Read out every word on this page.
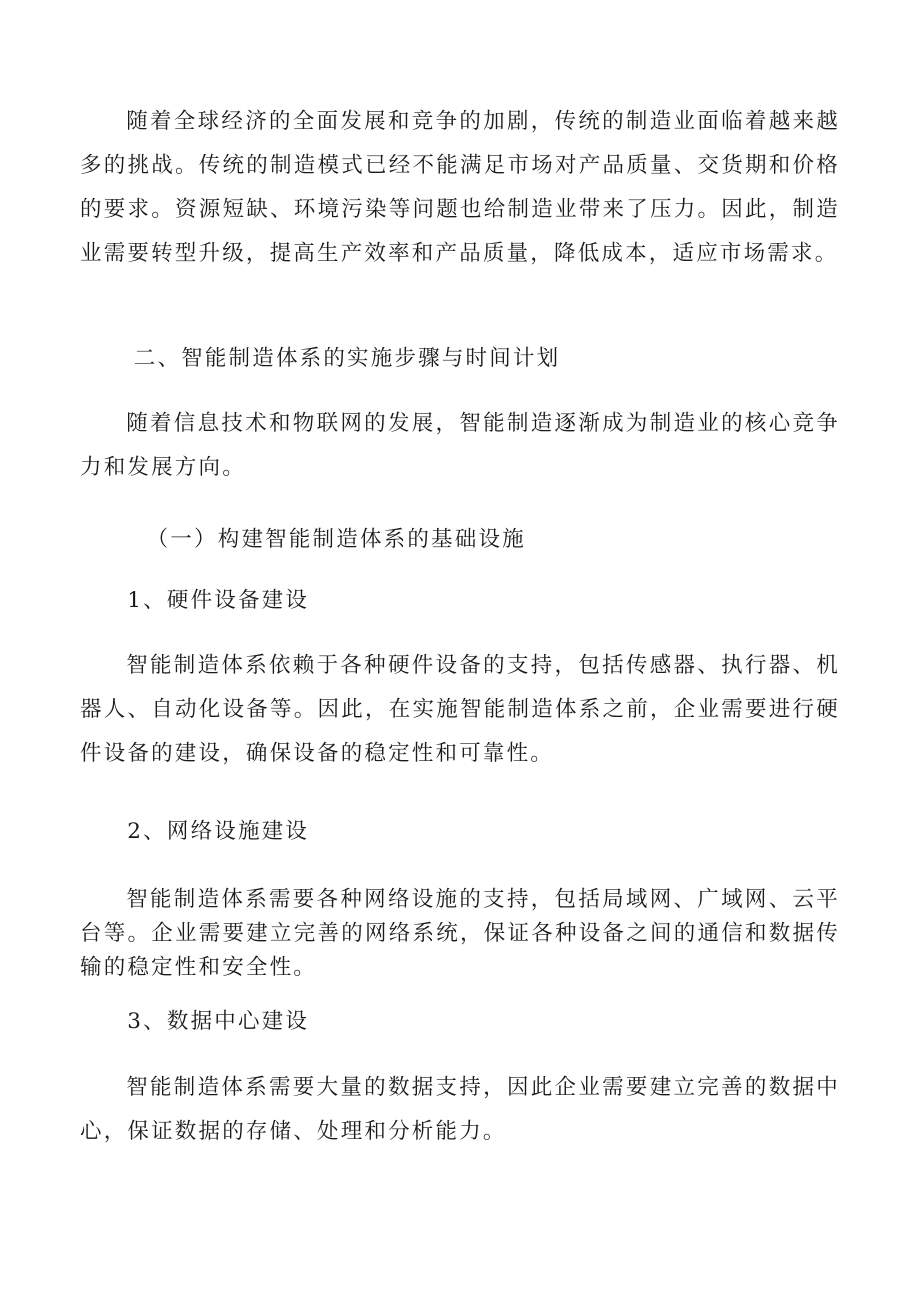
随着全球经济的全面发展和竞争的加剧，传统的制造业面临着越来越多的挑战。传统的制造模式已经不能满足市场对产品质量、交货期和价格的要求。资源短缺、环境污染等问题也给制造业带来了压力。因此，制造业需要转型升级，提高生产效率和产品质量，降低成本，适应市场需求。

二、智能制造体系的实施步骤与时间计划

随着信息技术和物联网的发展，智能制造逐渐成为制造业的核心竞争力和发展方向。

（一）构建智能制造体系的基础设施

1、硬件设备建设

智能制造体系依赖于各种硬件设备的支持，包括传感器、执行器、机器人、自动化设备等。因此，在实施智能制造体系之前，企业需要进行硬件设备的建设，确保设备的稳定性和可靠性。

2、网络设施建设

智能制造体系需要各种网络设施的支持，包括局域网、广域网、云平台等。企业需要建立完善的网络系统，保证各种设备之间的通信和数据传输的稳定性和安全性。

3、数据中心建设

智能制造体系需要大量的数据支持，因此企业需要建立完善的数据中心，保证数据的存储、处理和分析能力。
